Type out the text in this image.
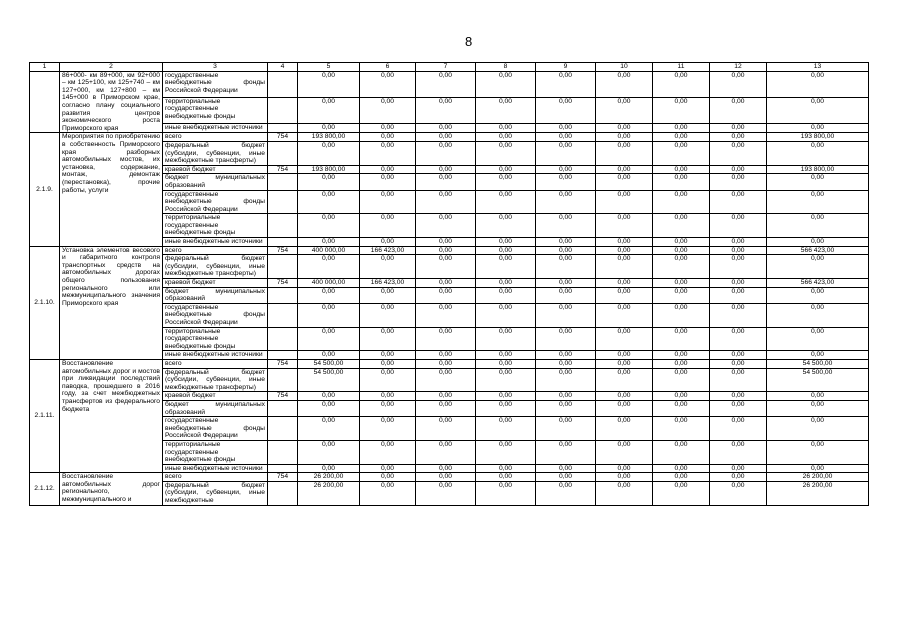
8
1	2	3	4	5	6	7	8	9	10	11	12	13
	86+000- км 89+000, км 92+000 – км 125+100, км 125+740 – км 127+000, км 127+800 – км 145+000 в Приморском крае, согласно плану социального развития центров экономического роста Приморского края	государственные внебюджетные фонды Российской Федерации		0,00	0,00	0,00	0,00	0,00	0,00	0,00	0,00	0,00
		территориальные государственные внебюджетные фонды		0,00	0,00	0,00	0,00	0,00	0,00	0,00	0,00	0,00
		иные внебюджетные источники		0,00	0,00	0,00	0,00	0,00	0,00	0,00	0,00	0,00
2.1.9.	Мероприятия по приобретению в собственность Приморского края разборных автомобильных мостов, их установка, содержание, монтаж, демонтаж (перестановка), прочие работы, услуги	всего	754	193 800,00	0,00	0,00	0,00	0,00	0,00	0,00	0,00	193 800,00
		федеральный бюджет (субсидии, субвенции, иные межбюджетные трансферты)		0,00	0,00	0,00	0,00	0,00	0,00	0,00	0,00	0,00
		краевой бюджет	754	193 800,00	0,00	0,00	0,00	0,00	0,00	0,00	0,00	193 800,00
		бюджет муниципальных образований		0,00	0,00	0,00	0,00	0,00	0,00	0,00	0,00	0,00
		государственные внебюджетные фонды Российской Федерации		0,00	0,00	0,00	0,00	0,00	0,00	0,00	0,00	0,00
		территориальные государственные внебюджетные фонды		0,00	0,00	0,00	0,00	0,00	0,00	0,00	0,00	0,00
		иные внебюджетные источники		0,00	0,00	0,00	0,00	0,00	0,00	0,00	0,00	0,00
2.1.10.	Установка элементов весового и габаритного контроля транспортных средств на автомобильных дорогах общего пользования регионального или межмуниципального значения Приморского края	всего	754	400 000,00	166 423,00	0,00	0,00	0,00	0,00	0,00	0,00	566 423,00
		федеральный бюджет (субсидии, субвенции, иные межбюджетные трансферты)		0,00	0,00	0,00	0,00	0,00	0,00	0,00	0,00	0,00
		краевой бюджет	754	400 000,00	166 423,00	0,00	0,00	0,00	0,00	0,00	0,00	566 423,00
		бюджет муниципальных образований		0,00	0,00	0,00	0,00	0,00	0,00	0,00	0,00	0,00
		государственные внебюджетные фонды Российской Федерации		0,00	0,00	0,00	0,00	0,00	0,00	0,00	0,00	0,00
		территориальные государственные внебюджетные фонды		0,00	0,00	0,00	0,00	0,00	0,00	0,00	0,00	0,00
		иные внебюджетные источники		0,00	0,00	0,00	0,00	0,00	0,00	0,00	0,00	0,00
2.1.11.	Восстановление автомобильных дорог и мостов при ликвидации последствий паводка, прошедшего в 2016 году, за счет межбюджетных трансфертов из федерального бюджета	всего	754	54 500,00	0,00	0,00	0,00	0,00	0,00	0,00	0,00	54 500,00
		федеральный бюджет (субсидии, субвенции, иные межбюджетные трансферты)		54 500,00	0,00	0,00	0,00	0,00	0,00	0,00	0,00	54 500,00
		краевой бюджет	754	0,00	0,00	0,00	0,00	0,00	0,00	0,00	0,00	0,00
		бюджет муниципальных образований		0,00	0,00	0,00	0,00	0,00	0,00	0,00	0,00	0,00
		государственные внебюджетные фонды Российской Федерации		0,00	0,00	0,00	0,00	0,00	0,00	0,00	0,00	0,00
		территориальные государственные внебюджетные фонды		0,00	0,00	0,00	0,00	0,00	0,00	0,00	0,00	0,00
		иные внебюджетные источники		0,00	0,00	0,00	0,00	0,00	0,00	0,00	0,00	0,00
2.1.12.	Восстановление автомобильных дорог регионального, межмуниципального и	всего	754	26 200,00	0,00	0,00	0,00	0,00	0,00	0,00	0,00	26 200,00
		федеральный бюджет (субсидии, субвенции, иные межбюджетные		26 200,00	0,00	0,00	0,00	0,00	0,00	0,00	0,00	26 200,00
